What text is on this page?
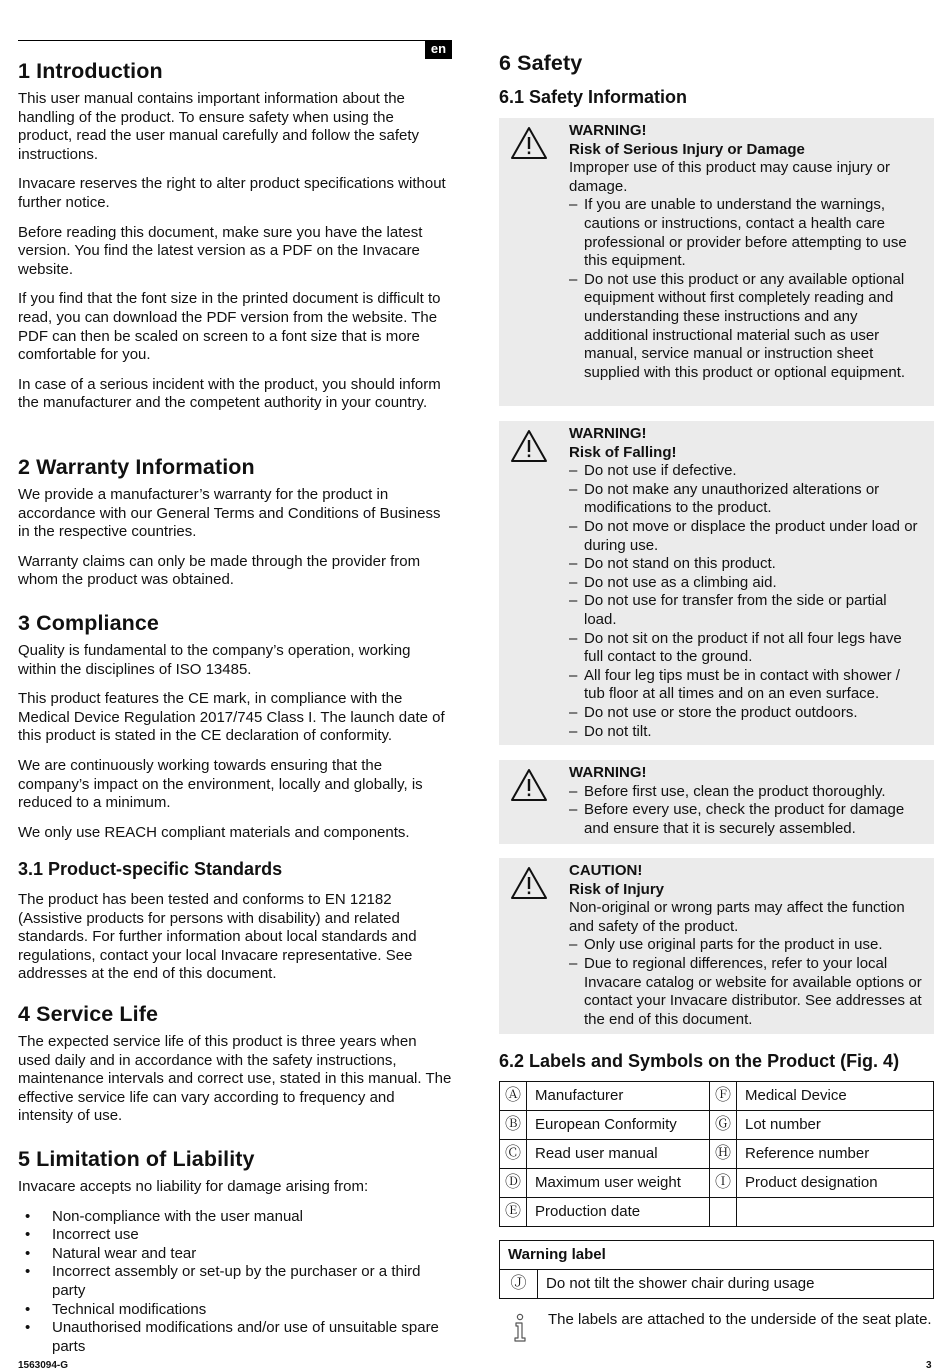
en
1 Introduction

This user manual contains important information about the handling of the product. To ensure safety when using the product, read the user manual carefully and follow the safety instructions.

Invacare reserves the right to alter product specifications without further notice.

Before reading this document, make sure you have the latest version. You find the latest version as a PDF on the Invacare website.

If you find that the font size in the printed document is difficult to read, you can download the PDF version from the website. The PDF can then be scaled on screen to a font size that is more comfortable for you.

In case of a serious incident with the product, you should inform the manufacturer and the competent authority in your country.

2 Warranty Information

We provide a manufacturer’s warranty for the product in accordance with our General Terms and Conditions of Business in the respective countries.

Warranty claims can only be made through the provider from whom the product was obtained.

3 Compliance

Quality is fundamental to the company’s operation, working within the disciplines of ISO 13485.

This product features the CE mark, in compliance with the Medical Device Regulation 2017/745 Class I. The launch date of this product is stated in the CE declaration of conformity.

We are continuously working towards ensuring that the company’s impact on the environment, locally and globally, is reduced to a minimum.

We only use REACH compliant materials and components.

3.1 Product-specific Standards

The product has been tested and conforms to EN 12182 (Assistive products for persons with disability) and related standards. For further information about local standards and regulations, contact your local Invacare representative. See addresses at the end of this document.

4 Service Life

The expected service life of this product is three years when used daily and in accordance with the safety instructions, maintenance intervals and correct use, stated in this manual. The effective service life can vary according to frequency and intensity of use.

5 Limitation of Liability

Invacare accepts no liability for damage arising from:

• Non-compliance with the user manual
• Incorrect use
• Natural wear and tear
• Incorrect assembly or set-up by the purchaser or a third party
• Technical modifications
• Unauthorised modifications and/or use of unsuitable spare parts
6 Safety
6.1 Safety Information
WARNING!
Risk of Serious Injury or Damage
Improper use of this product may cause injury or damage.
– If you are unable to understand the warnings, cautions or instructions, contact a health care professional or provider before attempting to use this equipment.
– Do not use this product or any available optional equipment without first completely reading and understanding these instructions and any additional instructional material such as user manual, service manual or instruction sheet supplied with this product or optional equipment.
WARNING!
Risk of Falling!
– Do not use if defective.
– Do not make any unauthorized alterations or modifications to the product.
– Do not move or displace the product under load or during use.
– Do not stand on this product.
– Do not use as a climbing aid.
– Do not use for transfer from the side or partial load.
– Do not sit on the product if not all four legs have full contact to the ground.
– All four leg tips must be in contact with shower / tub floor at all times and on an even surface.
– Do not use or store the product outdoors.
– Do not tilt.
WARNING!
– Before first use, clean the product thoroughly.
– Before every use, check the product for damage and ensure that it is securely assembled.
CAUTION!
Risk of Injury
Non-original or wrong parts may affect the function and safety of the product.
– Only use original parts for the product in use.
– Due to regional differences, refer to your local Invacare catalog or website for available options or contact your Invacare distributor. See addresses at the end of this document.
6.2 Labels and Symbols on the Product (Fig. 4)
Ⓐ	Manufacturer	Ⓕ	Medical Device
Ⓑ	European Conformity	Ⓖ	Lot number
Ⓒ	Read user manual	Ⓗ	Reference number
Ⓓ	Maximum user weight	Ⓘ	Product designation
Ⓔ	Production date		
Warning label
Ⓙ	Do not tilt the shower chair during usage

The labels are attached to the underside of the seat plate.

1563094-G	3
